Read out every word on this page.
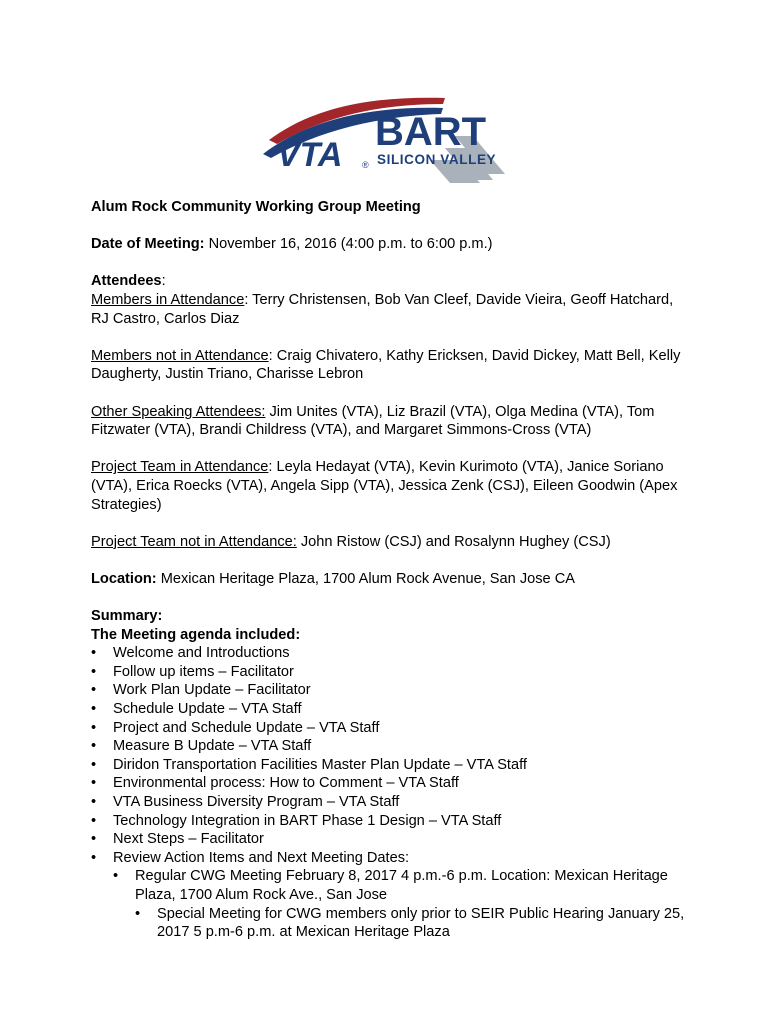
VTA ®
BART
SILICON VALLEY

Alum Rock Community Working Group Meeting

Date of Meeting: November 16, 2016 (4:00 p.m. to 6:00 p.m.)

Attendees:

Members in Attendance: Terry Christensen, Bob Van Cleef, Davide Vieira, Geoff Hatchard, RJ Castro, Carlos Diaz

Members not in Attendance: Craig Chivatero, Kathy Ericksen, David Dickey, Matt Bell, Kelly Daugherty, Justin Triano, Charisse Lebron

Other Speaking Attendees: Jim Unites (VTA), Liz Brazil (VTA), Olga Medina (VTA), Tom Fitzwater (VTA), Brandi Childress (VTA), and Margaret Simmons-Cross (VTA)

Project Team in Attendance: Leyla Hedayat (VTA), Kevin Kurimoto (VTA), Janice Soriano (VTA), Erica Roecks (VTA), Angela Sipp (VTA), Jessica Zenk (CSJ), Eileen Goodwin (Apex Strategies)

Project Team not in Attendance: John Ristow (CSJ) and Rosalynn Hughey (CSJ)

Location: Mexican Heritage Plaza, 1700 Alum Rock Avenue, San Jose CA

Summary:

The Meeting agenda included:

• Welcome and Introductions
• Follow up items – Facilitator
• Work Plan Update – Facilitator
• Schedule Update – VTA Staff
• Project and Schedule Update – VTA Staff
• Measure B Update – VTA Staff
• Diridon Transportation Facilities Master Plan Update – VTA Staff
• Environmental process: How to Comment – VTA Staff
• VTA Business Diversity Program – VTA Staff
• Technology Integration in BART Phase 1 Design – VTA Staff
• Next Steps – Facilitator
• Review Action Items and Next Meeting Dates:
• Regular CWG Meeting February 8, 2017 4 p.m.-6 p.m. Location: Mexican Heritage Plaza, 1700 Alum Rock Ave., San Jose
• Special Meeting for CWG members only prior to SEIR Public Hearing January 25, 2017 5 p.m-6 p.m. at Mexican Heritage Plaza
